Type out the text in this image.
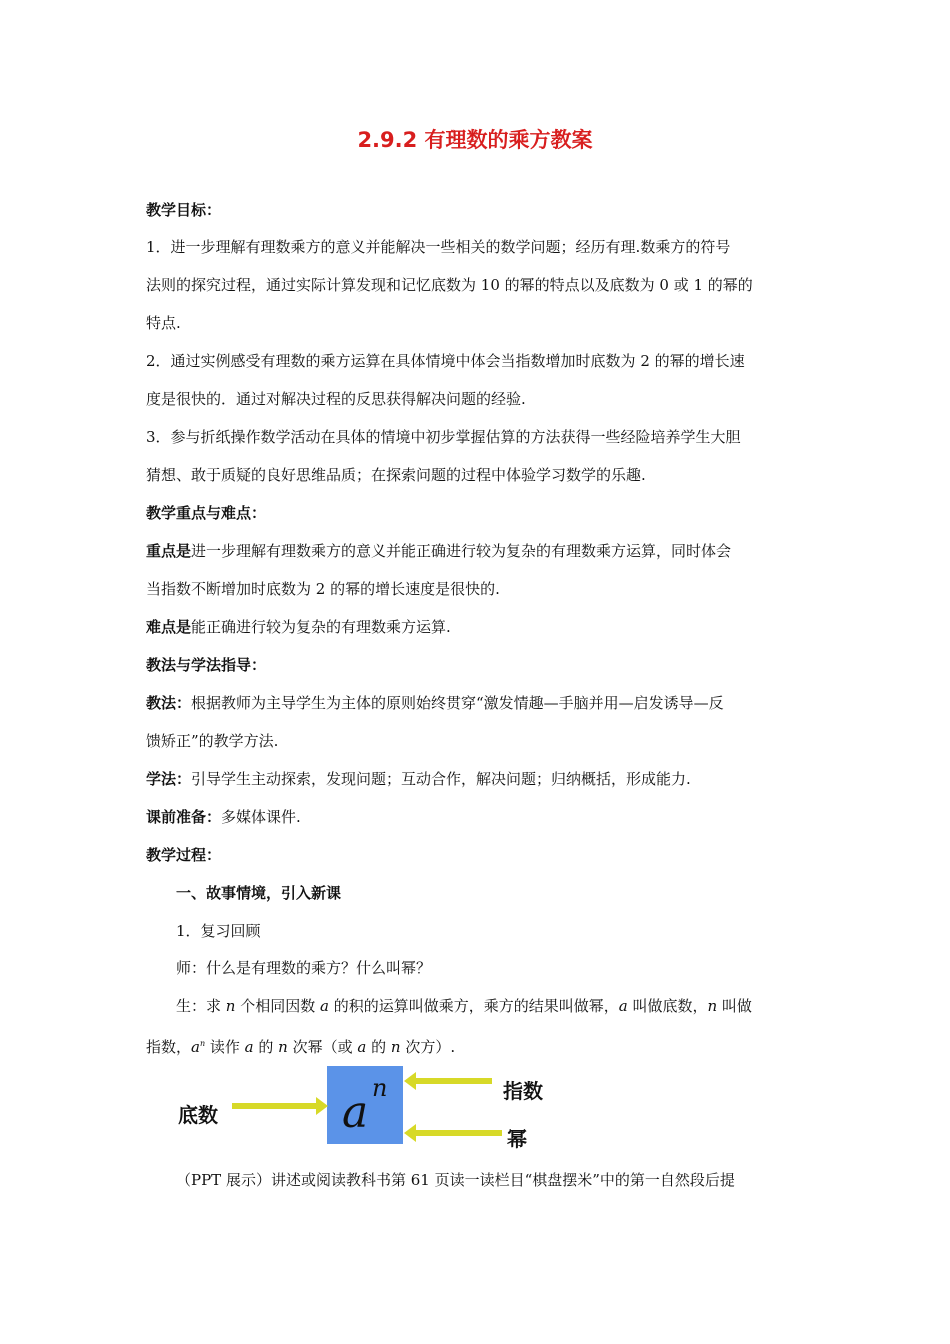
2.9.2 有理数的乘方教案
教学目标：
1．进一步理解有理数乘方的意义并能解决一些相关的数学问题；经历有理.数乘方的符号
法则的探究过程，通过实际计算发现和记忆底数为 10 的幂的特点以及底数为 0 或 1 的幂的
特点.
2．通过实例感受有理数的乘方运算在具体情境中体会当指数增加时底数为 2 的幂的增长速
度是很快的．通过对解决过程的反思获得解决问题的经验.
3．参与折纸操作数学活动在具体的情境中初步掌握估算的方法获得一些经险培养学生大胆
猜想、敢于质疑的良好思维品质；在探索问题的过程中体验学习数学的乐趣.
教学重点与难点：
重点是进一步理解有理数乘方的意义并能正确进行较为复杂的有理数乘方运算，同时体会
当指数不断增加时底数为 2 的幂的增长速度是很快的.
难点是能正确进行较为复杂的有理数乘方运算.
教法与学法指导：
教法：根据教师为主导学生为主体的原则始终贯穿“激发情趣—手脑并用—启发诱导—反
馈矫正”的教学方法.
学法：引导学生主动探索，发现问题；互动合作，解决问题；归纳概括，形成能力.
课前准备：多媒体课件.
教学过程：
一、故事情境，引入新课
1．复习回顾
师：什么是有理数的乘方？什么叫幂？
生：求 n 个相同因数 a 的积的运算叫做乘方，乘方的结果叫做幂，a 叫做底数，n 叫做
指数，$a^n$ 读作 a 的 n 次幂（或 a 的 n 次方）.
a n
底数
指数
幂
（PPT 展示）讲述或阅读教科书第 61 页读一读栏目“棋盘摆米”中的第一自然段后提
